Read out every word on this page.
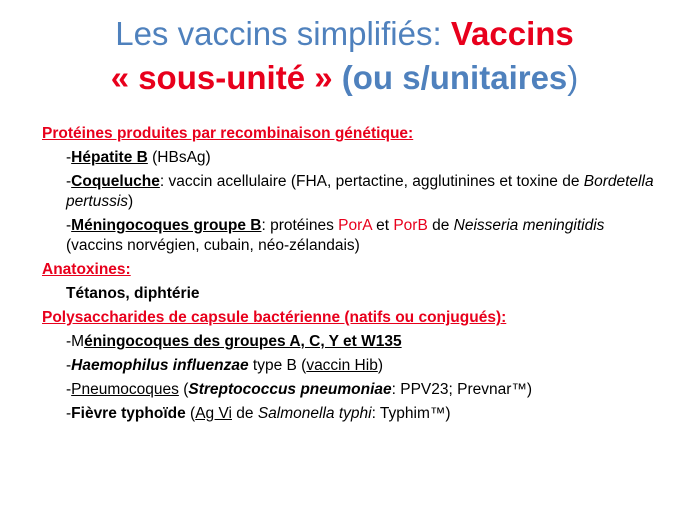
Les vaccins simplifiés: Vaccins
« sous-unité » (ou s/unitaires)
Protéines produites par recombinaison génétique:
-Hépatite B (HBsAg)
-Coqueluche: vaccin acellulaire (FHA, pertactine, agglutinines et toxine de Bordetella pertussis)
-Méningocoques groupe B: protéines PorA et PorB de Neisseria meningitidis (vaccins norvégien, cubain, néo-zélandais)
Anatoxines:
Tétanos, diphtérie
Polysaccharides de capsule bactérienne (natifs ou conjugués):
-Méningocoques des groupes A, C, Y et W135
-Haemophilus influenzae type B (vaccin Hib)
-Pneumocoques (Streptococcus pneumoniae: PPV23; Prevnar™)
-Fièvre typhoïde (Ag Vi de Salmonella typhi: Typhim™)
